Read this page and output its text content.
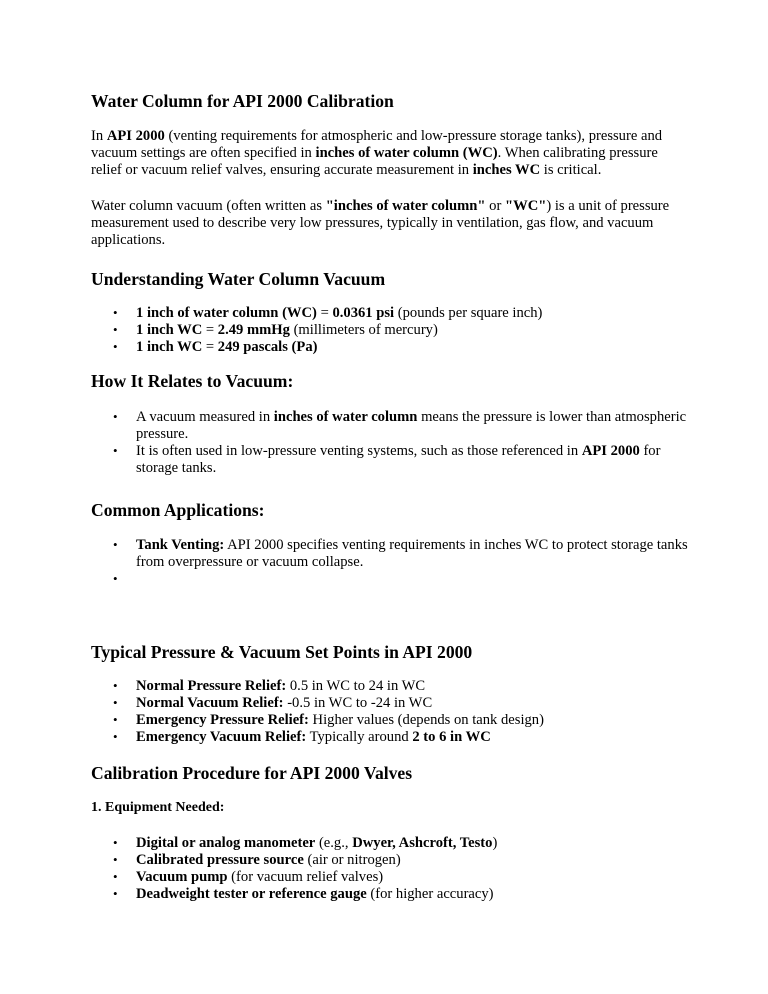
Water Column for API 2000 Calibration

In API 2000 (venting requirements for atmospheric and low-pressure storage tanks), pressure and vacuum settings are often specified in inches of water column (WC). When calibrating pressure relief or vacuum relief valves, ensuring accurate measurement in inches WC is critical.

Water column vacuum (often written as "inches of water column" or "WC") is a unit of pressure measurement used to describe very low pressures, typically in ventilation, gas flow, and vacuum applications.

Understanding Water Column Vacuum
• 1 inch of water column (WC) = 0.0361 psi (pounds per square inch)
• 1 inch WC = 2.49 mmHg (millimeters of mercury)
• 1 inch WC = 249 pascals (Pa)
How It Relates to Vacuum:
• A vacuum measured in inches of water column means the pressure is lower than atmospheric pressure.
• It is often used in low-pressure venting systems, such as those referenced in API 2000 for storage tanks.
Common Applications:
• Tank Venting: API 2000 specifies venting requirements in inches WC to protect storage tanks from overpressure or vacuum collapse.
•

Typical Pressure & Vacuum Set Points in API 2000
• Normal Pressure Relief: 0.5 in WC to 24 in WC
• Normal Vacuum Relief: -0.5 in WC to -24 in WC
• Emergency Pressure Relief: Higher values (depends on tank design)
• Emergency Vacuum Relief: Typically around 2 to 6 in WC
Calibration Procedure for API 2000 Valves
1. Equipment Needed:
• Digital or analog manometer (e.g., Dwyer, Ashcroft, Testo)
• Calibrated pressure source (air or nitrogen)
• Vacuum pump (for vacuum relief valves)
• Deadweight tester or reference gauge (for higher accuracy)
